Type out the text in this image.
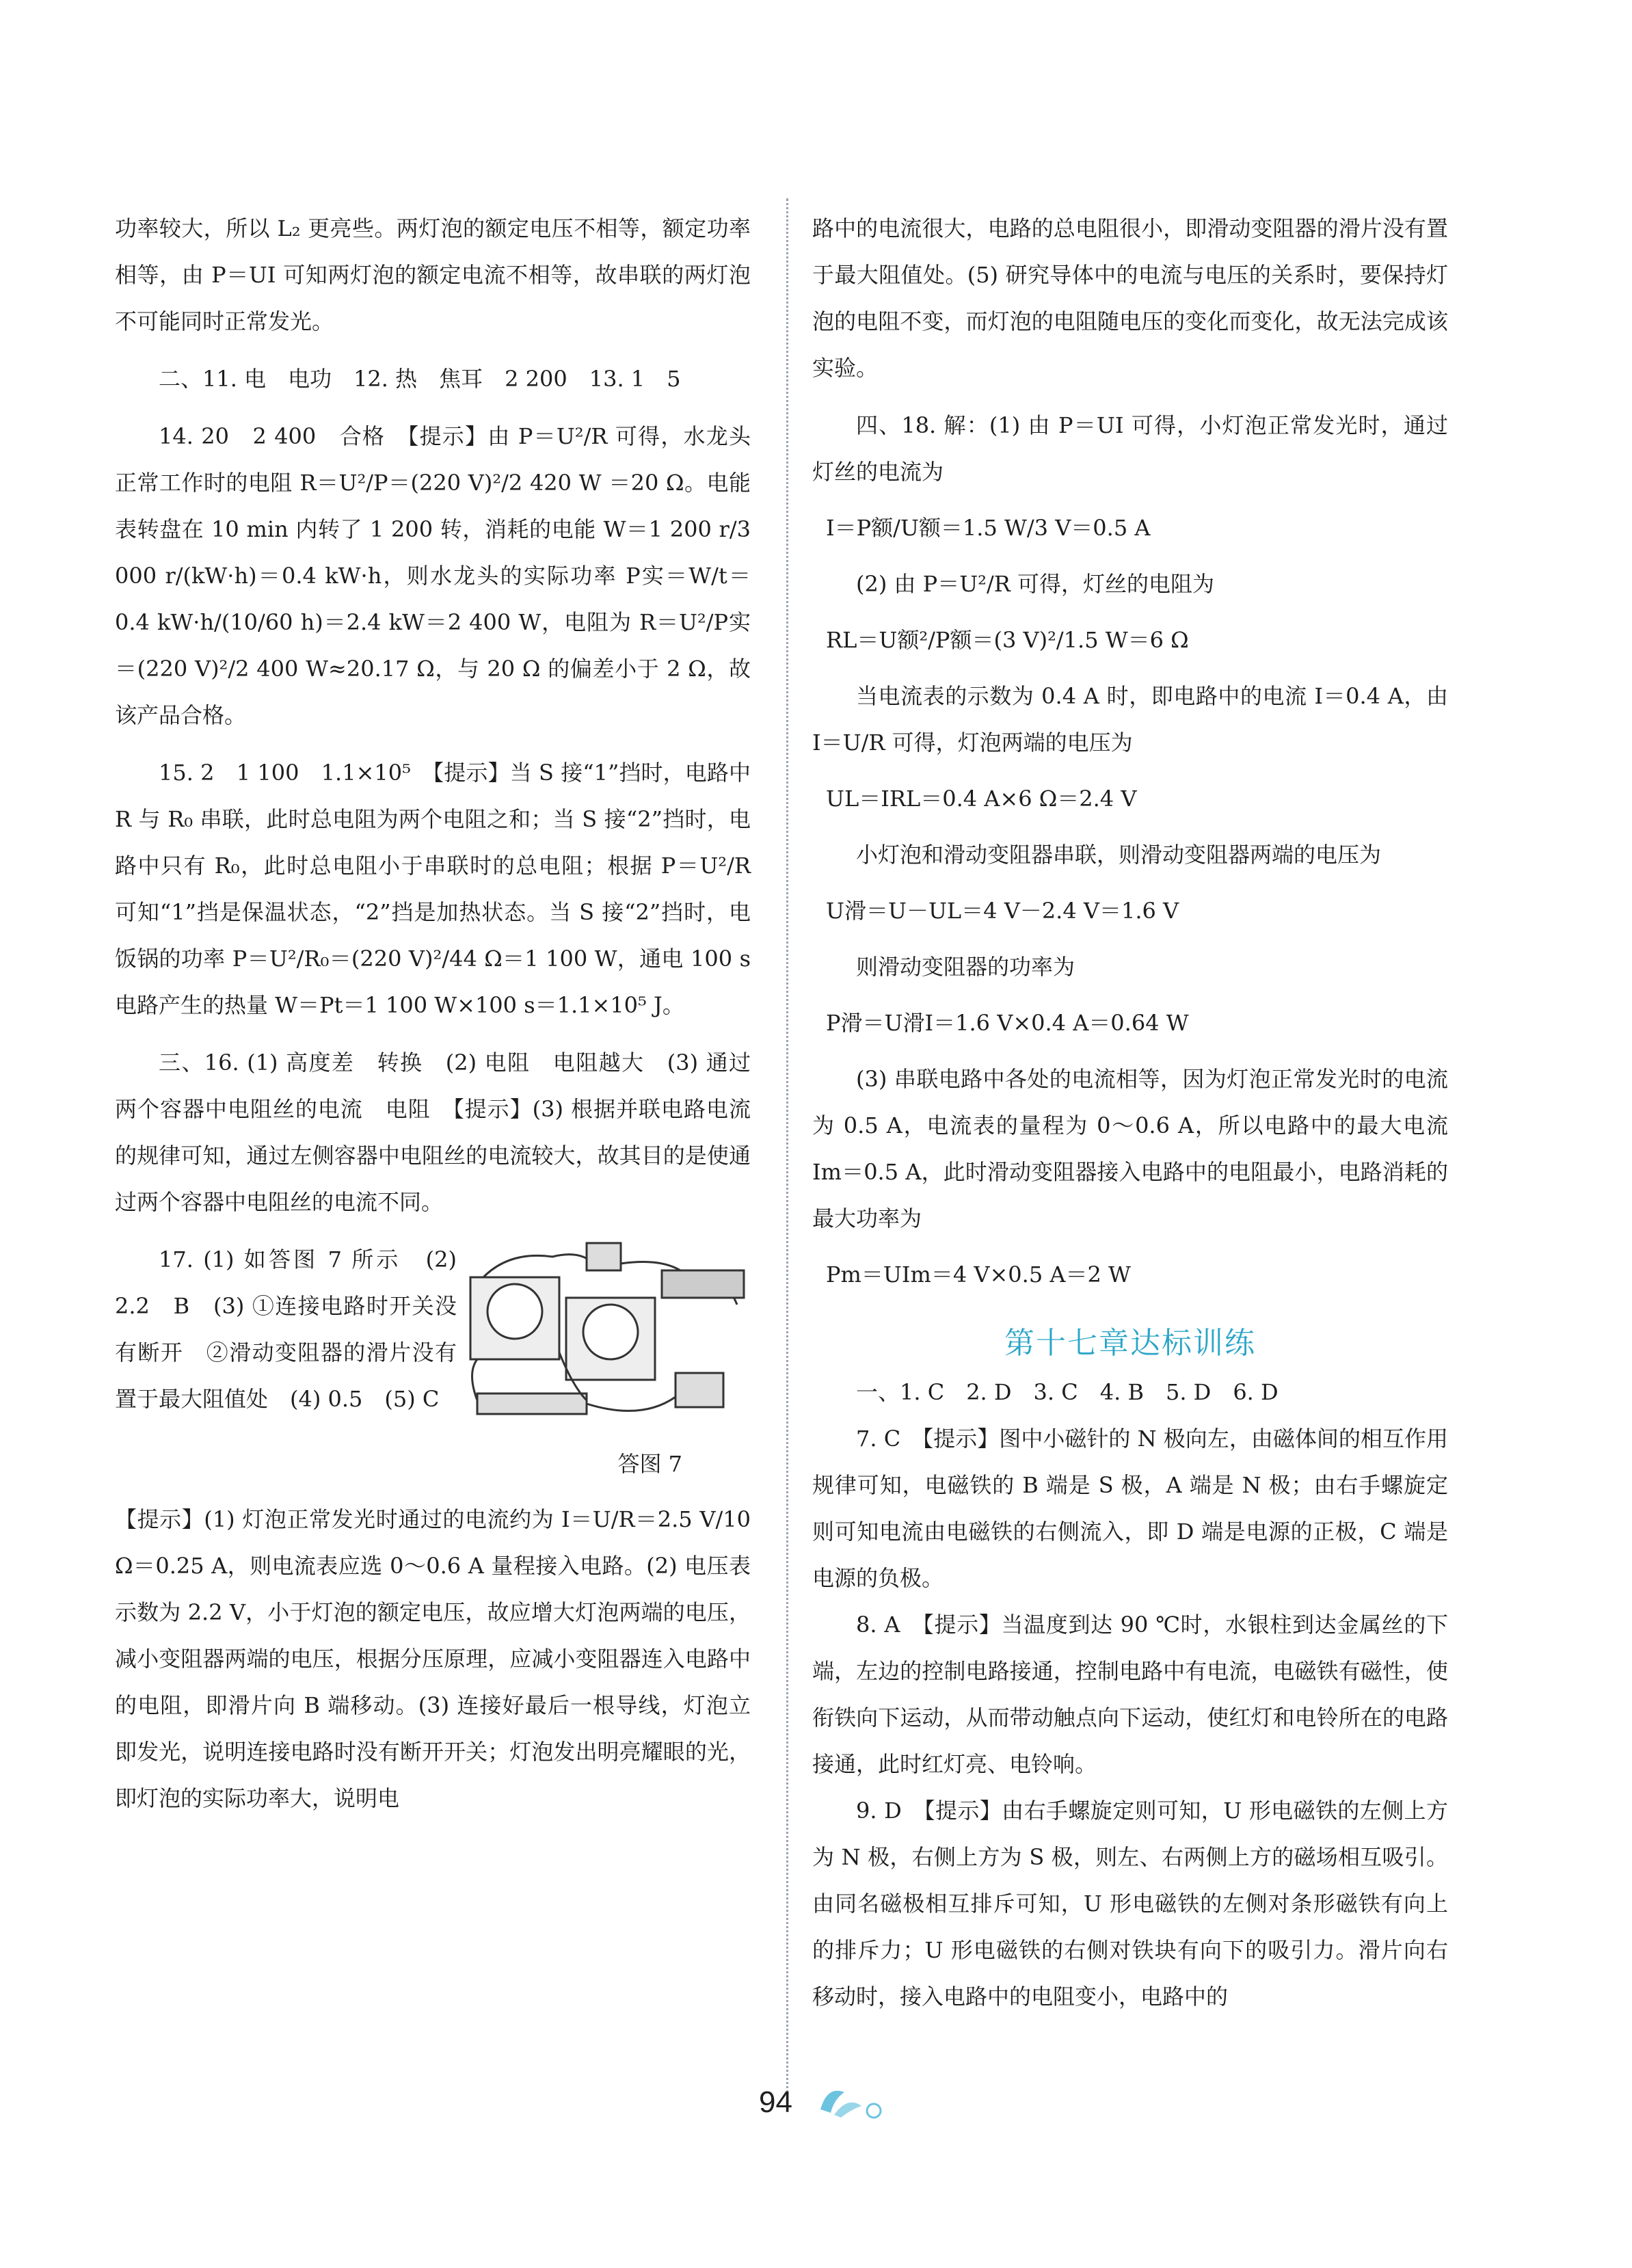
功率较大，所以 L₂ 更亮些。两灯泡的额定电压不相等，额定功率相等，由 P＝UI 可知两灯泡的额定电流不相等，故串联的两灯泡不可能同时正常发光。

二、11. 电　电功　12. 热　焦耳　2 200　13. 1　5

14. 20　2 400　合格　【提示】由 P＝U²/R 可得，水龙头正常工作时的电阻 R＝U²/P＝(220 V)²/2 420 W ＝20 Ω。电能表转盘在 10 min 内转了 1 200 转，消耗的电能 W＝1 200 r/3 000 r/(kW·h)＝0.4 kW·h，则水龙头的实际功率 P实＝W/t＝0.4 kW·h/(10/60 h)＝2.4 kW＝2 400 W，电阻为 R＝U²/P实＝(220 V)²/2 400 W≈20.17 Ω，与 20 Ω 的偏差小于 2 Ω，故该产品合格。

15. 2　1 100　1.1×10⁵　【提示】当 S 接“1”挡时，电路中 R 与 R₀ 串联，此时总电阻为两个电阻之和；当 S 接“2”挡时，电路中只有 R₀，此时总电阻小于串联时的总电阻；根据 P＝U²/R 可知“1”挡是保温状态，“2”挡是加热状态。当 S 接“2”挡时，电饭锅的功率 P＝U²/R₀＝(220 V)²/44 Ω＝1 100 W，通电 100 s 电路产生的热量 W＝Pt＝1 100 W×100 s＝1.1×10⁵ J。

三、16. (1) 高度差　转换　(2) 电阻　电阻越大　(3) 通过两个容器中电阻丝的电流　电阻　【提示】(3) 根据并联电路电流的规律可知，通过左侧容器中电阻丝的电流较大，故其目的是使通过两个容器中电阻丝的电流不同。

17. (1) 如答图 7 所示　(2) 2.2　B　(3) ①连接电路时开关没有断开　②滑动变阻器的滑片没有置于最大阻值处　(4) 0.5　(5) C

答图 7

【提示】(1) 灯泡正常发光时通过的电流约为 I＝U/R＝2.5 V/10 Ω＝0.25 A，则电流表应选 0～0.6 A 量程接入电路。(2) 电压表示数为 2.2 V，小于灯泡的额定电压，故应增大灯泡两端的电压，减小变阻器两端的电压，根据分压原理，应减小变阻器连入电路中的电阻，即滑片向 B 端移动。(3) 连接好最后一根导线，灯泡立即发光，说明连接电路时没有断开开关；灯泡发出明亮耀眼的光，即灯泡的实际功率大，说明电

路中的电流很大，电路的总电阻很小，即滑动变阻器的滑片没有置于最大阻值处。(5) 研究导体中的电流与电压的关系时，要保持灯泡的电阻不变，而灯泡的电阻随电压的变化而变化，故无法完成该实验。

四、18. 解：(1) 由 P＝UI 可得，小灯泡正常发光时，通过灯丝的电流为

I＝P额/U额＝1.5 W/3 V＝0.5 A

(2) 由 P＝U²/R 可得，灯丝的电阻为

RL＝U额²/P额＝(3 V)²/1.5 W＝6 Ω

当电流表的示数为 0.4 A 时，即电路中的电流 I＝0.4 A，由 I＝U/R 可得，灯泡两端的电压为

UL＝IRL＝0.4 A×6 Ω＝2.4 V

小灯泡和滑动变阻器串联，则滑动变阻器两端的电压为

U滑＝U－UL＝4 V－2.4 V＝1.6 V

则滑动变阻器的功率为

P滑＝U滑I＝1.6 V×0.4 A＝0.64 W

(3) 串联电路中各处的电流相等，因为灯泡正常发光时的电流为 0.5 A，电流表的量程为 0～0.6 A，所以电路中的最大电流 Im＝0.5 A，此时滑动变阻器接入电路中的电阻最小，电路消耗的最大功率为

Pm＝UIm＝4 V×0.5 A＝2 W
第十七章达标训练

一、1. C　2. D　3. C　4. B　5. D　6. D

7. C　【提示】图中小磁针的 N 极向左，由磁体间的相互作用规律可知，电磁铁的 B 端是 S 极，A 端是 N 极；由右手螺旋定则可知电流由电磁铁的右侧流入，即 D 端是电源的正极，C 端是电源的负极。

8. A　【提示】当温度到达 90 ℃时，水银柱到达金属丝的下端，左边的控制电路接通，控制电路中有电流，电磁铁有磁性，使衔铁向下运动，从而带动触点向下运动，使红灯和电铃所在的电路接通，此时红灯亮、电铃响。

9. D　【提示】由右手螺旋定则可知，U 形电磁铁的左侧上方为 N 极，右侧上方为 S 极，则左、右两侧上方的磁场相互吸引。由同名磁极相互排斥可知，U 形电磁铁的左侧对条形磁铁有向上的排斥力；U 形电磁铁的右侧对铁块有向下的吸引力。滑片向右移动时，接入电路中的电阻变小，电路中的

94
